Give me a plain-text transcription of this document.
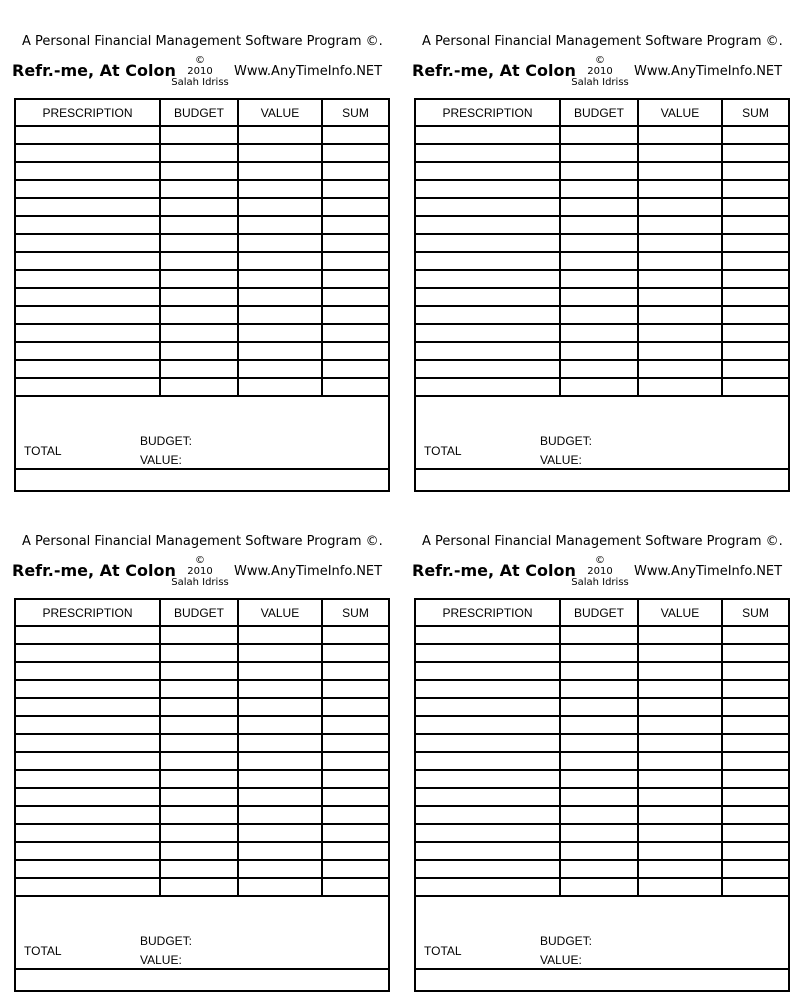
A Personal Financial Management Software Program ©.
Refr.-me, At Colon
©
2010
Salah Idriss
Www.AnyTimeInfo.NET
PRESCRIPTION	BUDGET	VALUE	SUM

TOTAL
BUDGET:
VALUE:
A Personal Financial Management Software Program ©.
Refr.-me, At Colon
©
2010
Salah Idriss
Www.AnyTimeInfo.NET
PRESCRIPTION	BUDGET	VALUE	SUM

TOTAL
BUDGET:
VALUE:
A Personal Financial Management Software Program ©.
Refr.-me, At Colon
©
2010
Salah Idriss
Www.AnyTimeInfo.NET
PRESCRIPTION	BUDGET	VALUE	SUM

TOTAL
BUDGET:
VALUE:
A Personal Financial Management Software Program ©.
Refr.-me, At Colon
©
2010
Salah Idriss
Www.AnyTimeInfo.NET
PRESCRIPTION	BUDGET	VALUE	SUM

TOTAL
BUDGET:
VALUE:
